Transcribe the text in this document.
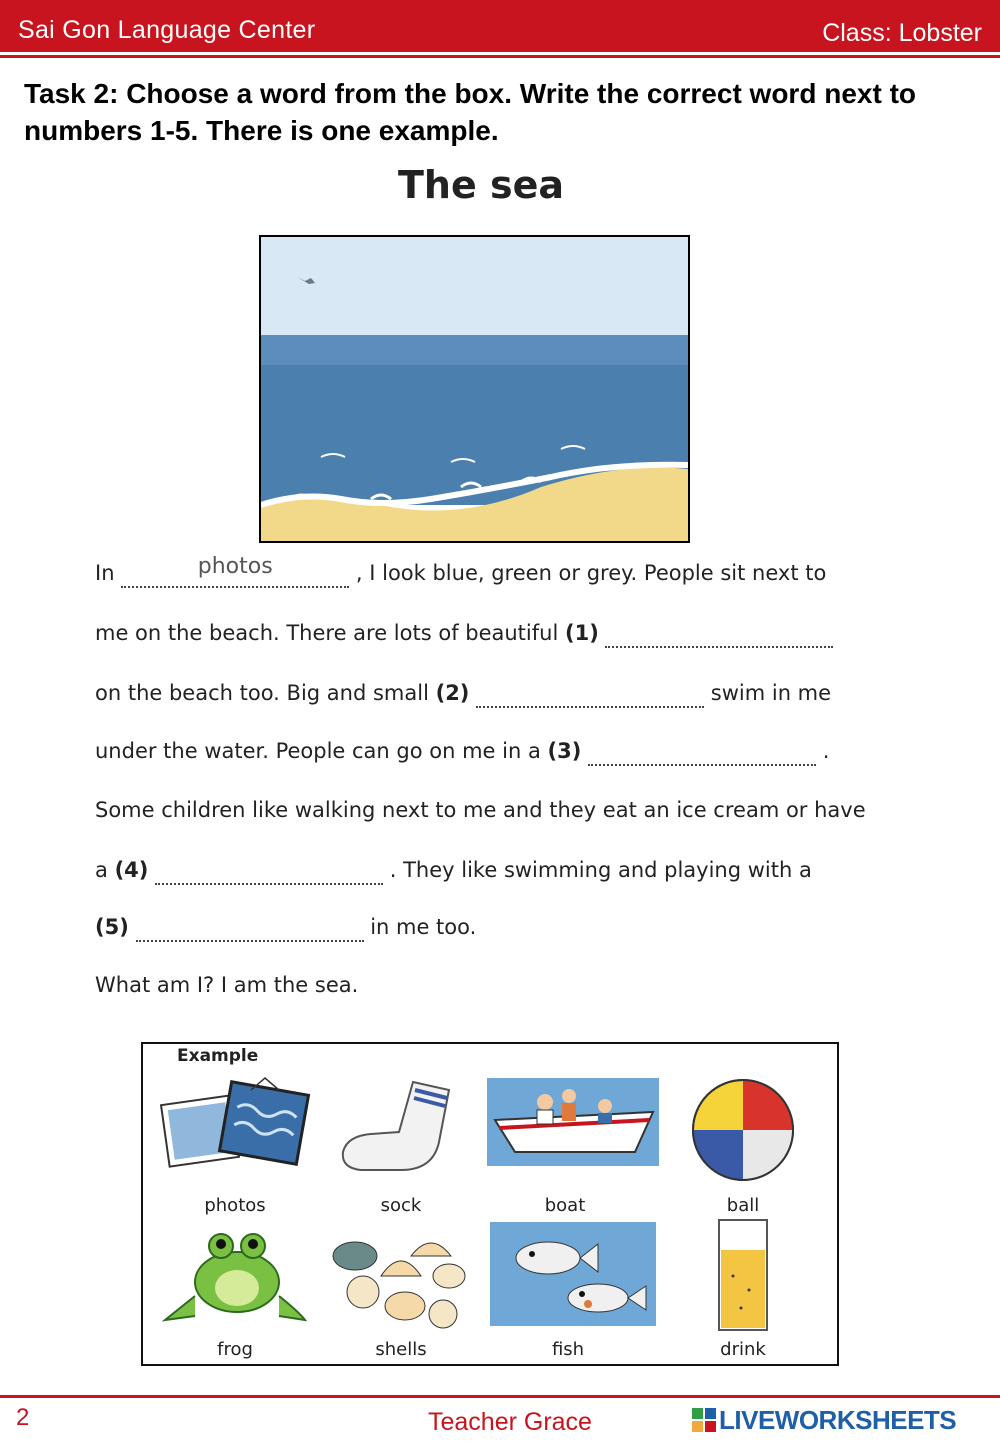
Sai Gon Language Center	Class: Lobster
Task 2: Choose a word from the box. Write the correct word next to numbers 1-5. There is one example.
The sea
In	photos	, I look blue, green or grey. People sit next to
me on the beach. There are lots of beautiful (1)
on the beach too. Big and small (2)	swim in me
under the water. People can go on me in a (3)	.
Some children like walking next to me and they eat an ice cream or have
a (4)	. They like swimming and playing with a
(5)	in me too.
What am I? I am the sea.
Example
photos	sock	boat	ball
frog	shells	fish	drink
2	Teacher Grace	LIVEWORKSHEETS
